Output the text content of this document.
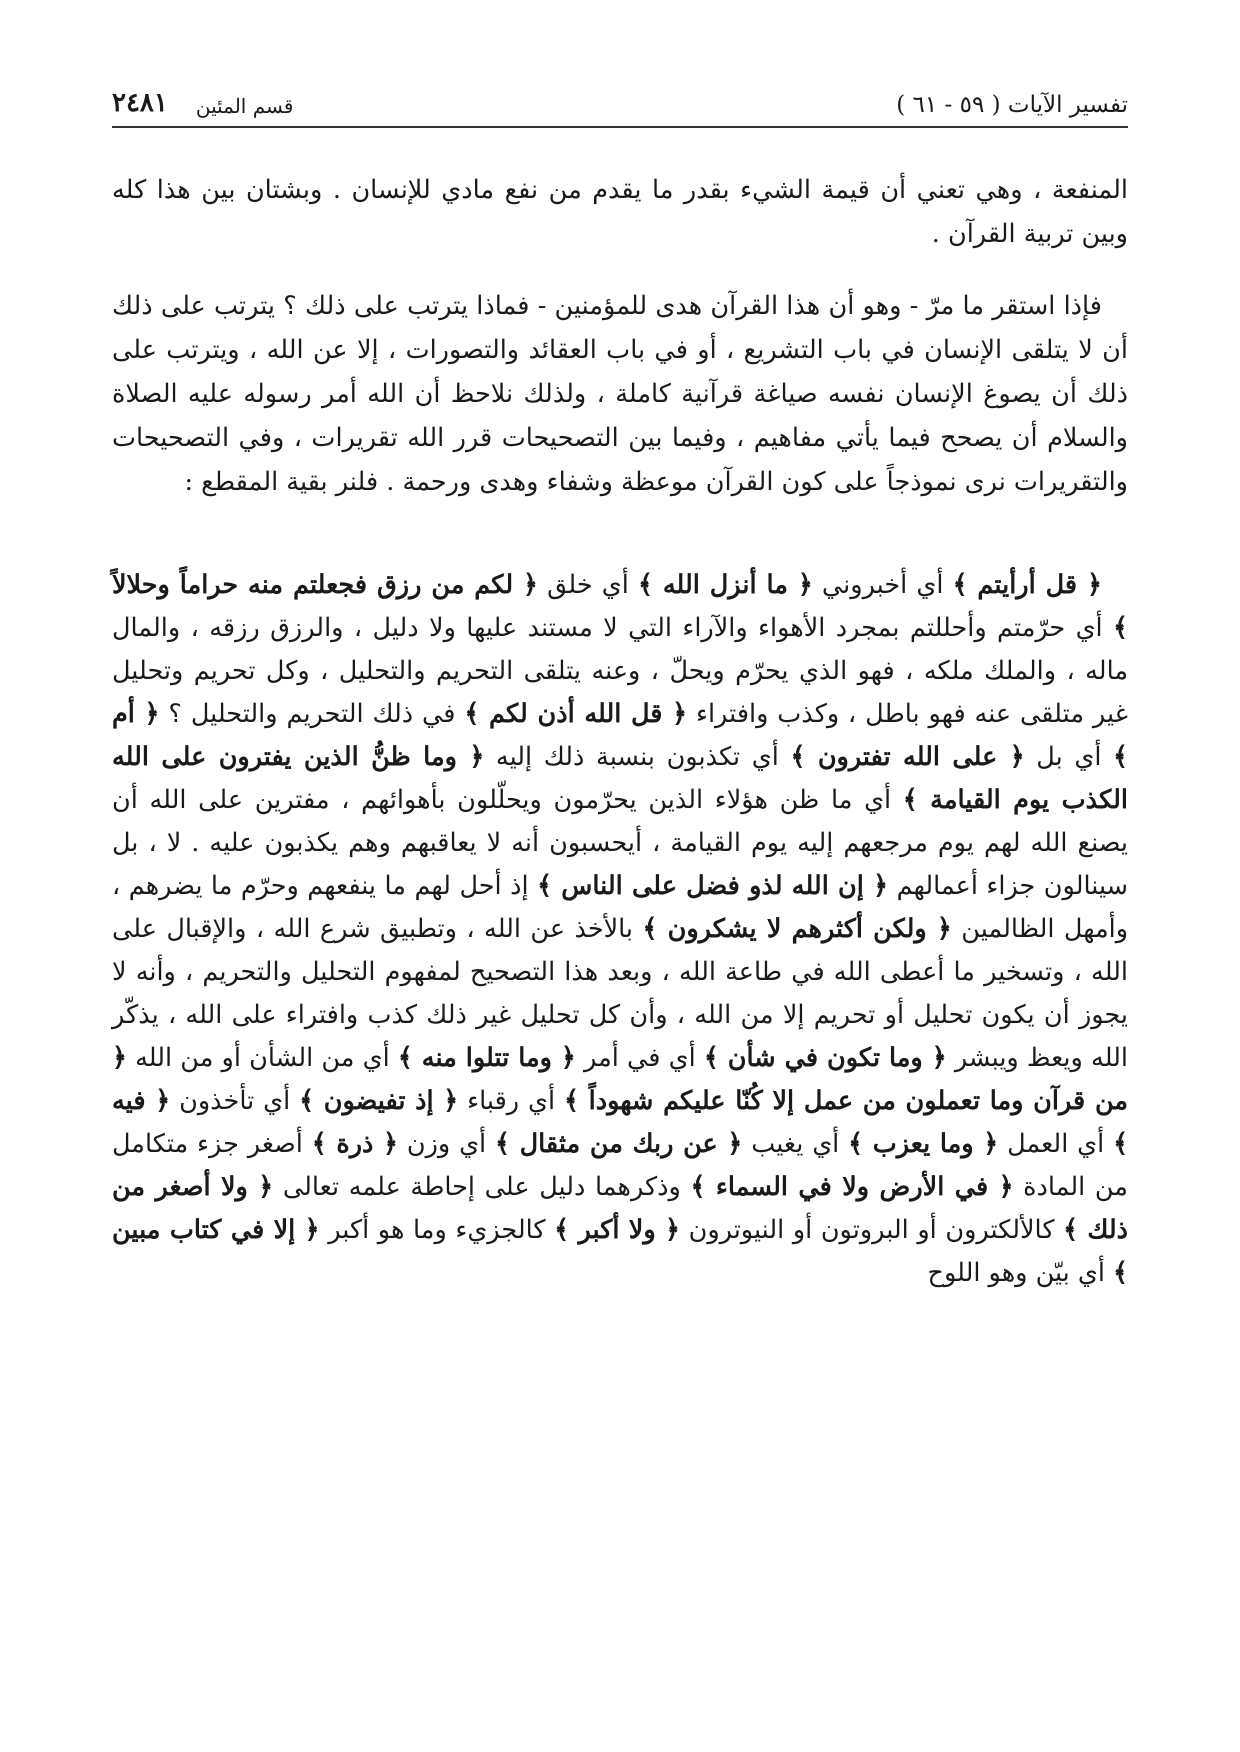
تفسير الآيات ( ٥٩ - ٦١ )
قسم المئين
٢٤٨١

المنفعة ، وهي تعني أن قيمة الشيء بقدر ما يقدم من نفع مادي للإنسان . وبشتان بين هذا كله وبين تربية القرآن .

فإذا استقر ما مرّ - وهو أن هذا القرآن هدى للمؤمنين - فماذا يترتب على ذلك ؟ يترتب على ذلك أن لا يتلقى الإنسان في باب التشريع ، أو في باب العقائد والتصورات ، إلا عن الله ، ويترتب على ذلك أن يصوغ الإنسان نفسه صياغة قرآنية كاملة ، ولذلك نلاحظ أن الله أمر رسوله عليه الصلاة والسلام أن يصحح فيما يأتي مفاهيم ، وفيما بين التصحيحات قرر الله تقريرات ، وفي التصحيحات والتقريرات نرى نموذجاً على كون القرآن موعظة وشفاء وهدى ورحمة . فلنر بقية المقطع :

﴿ قل أرأيتم ﴾ أي أخبروني ﴿ ما أنزل الله ﴾ أي خلق ﴿ لكم من رزق فجعلتم منه حراماً وحلالاً ﴾ أي حرّمتم وأحللتم بمجرد الأهواء والآراء التي لا مستند عليها ولا دليل ، والرزق رزقه ، والمال ماله ، والملك ملكه ، فهو الذي يحرّم ويحلّ ، وعنه يتلقى التحريم والتحليل ، وكل تحريم وتحليل غير متلقى عنه فهو باطل ، وكذب وافتراء ﴿ قل الله أذن لكم ﴾ في ذلك التحريم والتحليل ؟ ﴿ أم ﴾ أي بل ﴿ على الله تفترون ﴾ أي تكذبون بنسبة ذلك إليه ﴿ وما ظنُّ الذين يفترون على الله الكذب يوم القيامة ﴾ أي ما ظن هؤلاء الذين يحرّمون ويحلّلون بأهوائهم ، مفترين على الله أن يصنع الله لهم يوم مرجعهم إليه يوم القيامة ، أيحسبون أنه لا يعاقبهم وهم يكذبون عليه . لا ، بل سينالون جزاء أعمالهم ﴿ إن الله لذو فضل على الناس ﴾ إذ أحل لهم ما ينفعهم وحرّم ما يضرهم ، وأمهل الظالمين ﴿ ولكن أكثرهم لا يشكرون ﴾ بالأخذ عن الله ، وتطبيق شرع الله ، والإقبال على الله ، وتسخير ما أعطى الله في طاعة الله ، وبعد هذا التصحيح لمفهوم التحليل والتحريم ، وأنه لا يجوز أن يكون تحليل أو تحريم إلا من الله ، وأن كل تحليل غير ذلك كذب وافتراء على الله ، يذكّر الله ويعظ ويبشر ﴿ وما تكون في شأن ﴾ أي في أمر ﴿ وما تتلوا منه ﴾ أي من الشأن أو من الله ﴿ من قرآن وما تعملون من عمل إلا كُنّا عليكم شهوداً ﴾ أي رقباء ﴿ إذ تفيضون ﴾ أي تأخذون ﴿ فيه ﴾ أي العمل ﴿ وما يعزب ﴾ أي يغيب ﴿ عن ربك من مثقال ﴾ أي وزن ﴿ ذرة ﴾ أصغر جزء متكامل من المادة ﴿ في الأرض ولا في السماء ﴾ وذكرهما دليل على إحاطة علمه تعالى ﴿ ولا أصغر من ذلك ﴾ كالألكترون أو البروتون أو النيوترون ﴿ ولا أكبر ﴾ كالجزيء وما هو أكبر ﴿ إلا في كتاب مبين ﴾ أي بيّن وهو اللوح
